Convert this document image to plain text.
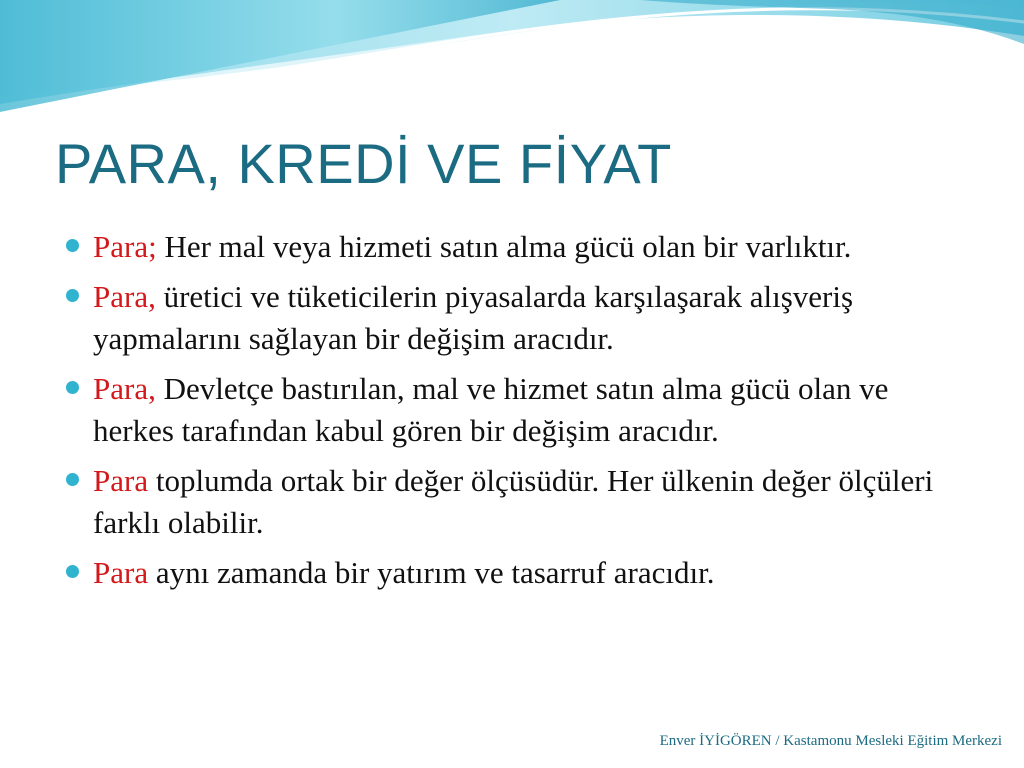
PARA, KREDİ VE FİYAT
Para; Her mal veya hizmeti satın alma gücü olan bir varlıktır.
Para, üretici ve tüketicilerin piyasalarda karşılaşarak alışveriş yapmalarını sağlayan bir değişim aracıdır.
Para, Devletçe bastırılan, mal ve hizmet satın alma gücü olan ve herkes tarafından kabul gören bir değişim aracıdır.
Para toplumda ortak bir değer ölçüsüdür. Her ülkenin değer ölçüleri farklı olabilir.
Para aynı zamanda bir yatırım ve tasarruf aracıdır.
Enver İYİGÖREN / Kastamonu Mesleki Eğitim Merkezi
